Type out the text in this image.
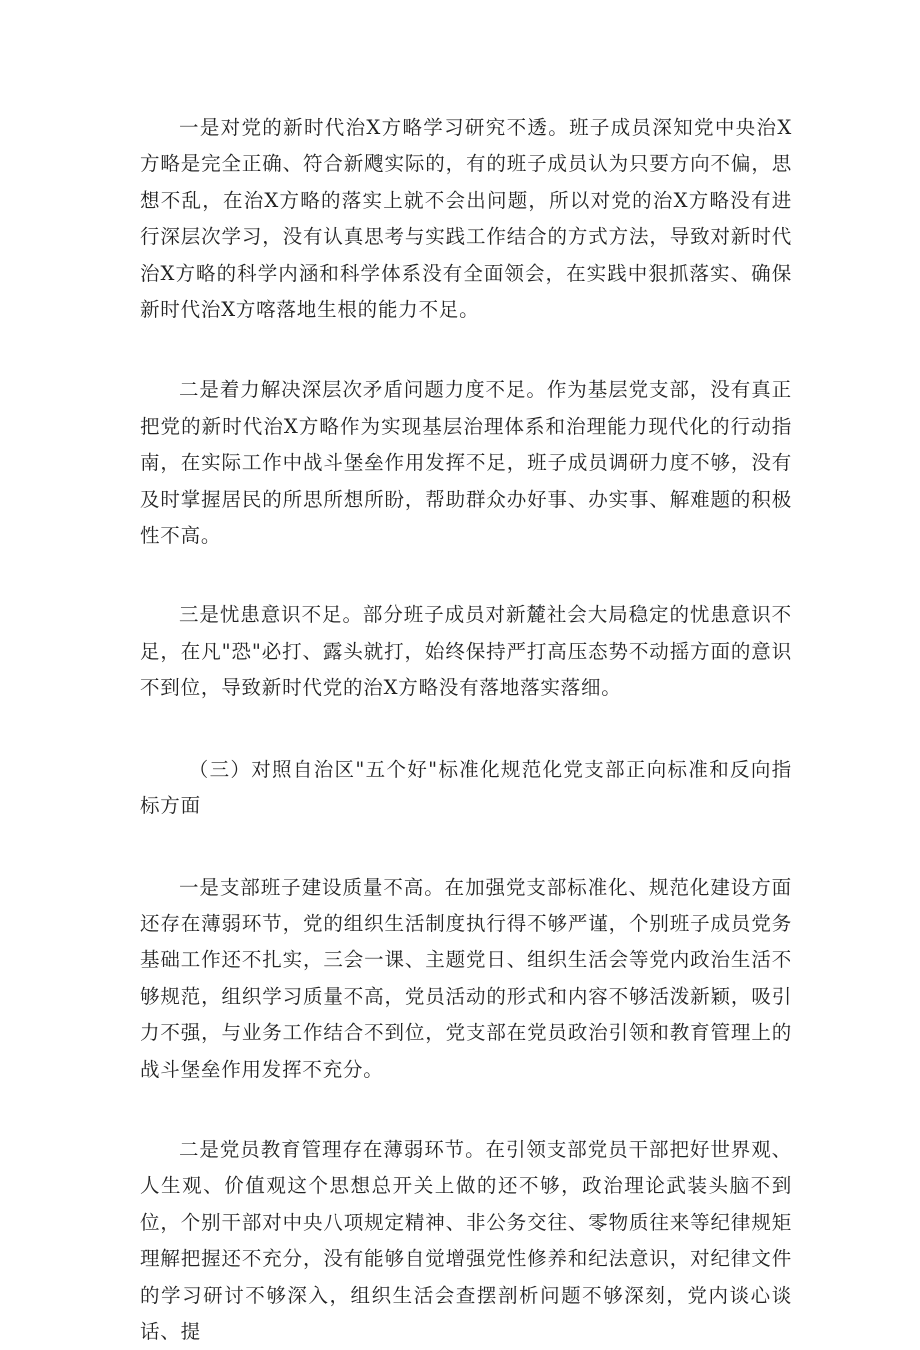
一是对党的新时代治X方略学习研究不透。班子成员深知党中央治X方略是完全正确、符合新飕实际的，有的班子成员认为只要方向不偏，思想不乱，在治X方略的落实上就不会出问题，所以对党的治X方略没有进行深层次学习，没有认真思考与实践工作结合的方式方法，导致对新时代治X方略的科学内涵和科学体系没有全面领会，在实践中狠抓落实、确保新时代治X方喀落地生根的能力不足。

二是着力解决深层次矛盾问题力度不足。作为基层党支部，没有真正把党的新时代治X方略作为实现基层治理体系和治理能力现代化的行动指南，在实际工作中战斗堡垒作用发挥不足，班子成员调研力度不够，没有及时掌握居民的所思所想所盼，帮助群众办好事、办实事、解难题的积极性不高。

三是忧患意识不足。部分班子成员对新麓社会大局稳定的忧患意识不足，在凡"恐"必打、露头就打，始终保持严打高压态势不动摇方面的意识不到位，导致新时代党的治X方略没有落地落实落细。

（三）对照自治区"五个好"标准化规范化党支部正向标准和反向指标方面

一是支部班子建设质量不高。在加强党支部标准化、规范化建设方面还存在薄弱环节，党的组织生活制度执行得不够严谨，个别班子成员党务基础工作还不扎实，三会一课、主题党日、组织生活会等党内政治生活不够规范，组织学习质量不高，党员活动的形式和内容不够活泼新颖，吸引力不强，与业务工作结合不到位，党支部在党员政治引领和教育管理上的战斗堡垒作用发挥不充分。

二是党员教育管理存在薄弱环节。在引领支部党员干部把好世界观、人生观、价值观这个思想总开关上做的还不够，政治理论武装头脑不到位，个别干部对中央八项规定精神、非公务交往、零物质往来等纪律规矩理解把握还不充分，没有能够自觉增强党性修养和纪法意识，对纪律文件的学习研讨不够深入，组织生活会查摆剖析问题不够深刻，党内谈心谈话、提
